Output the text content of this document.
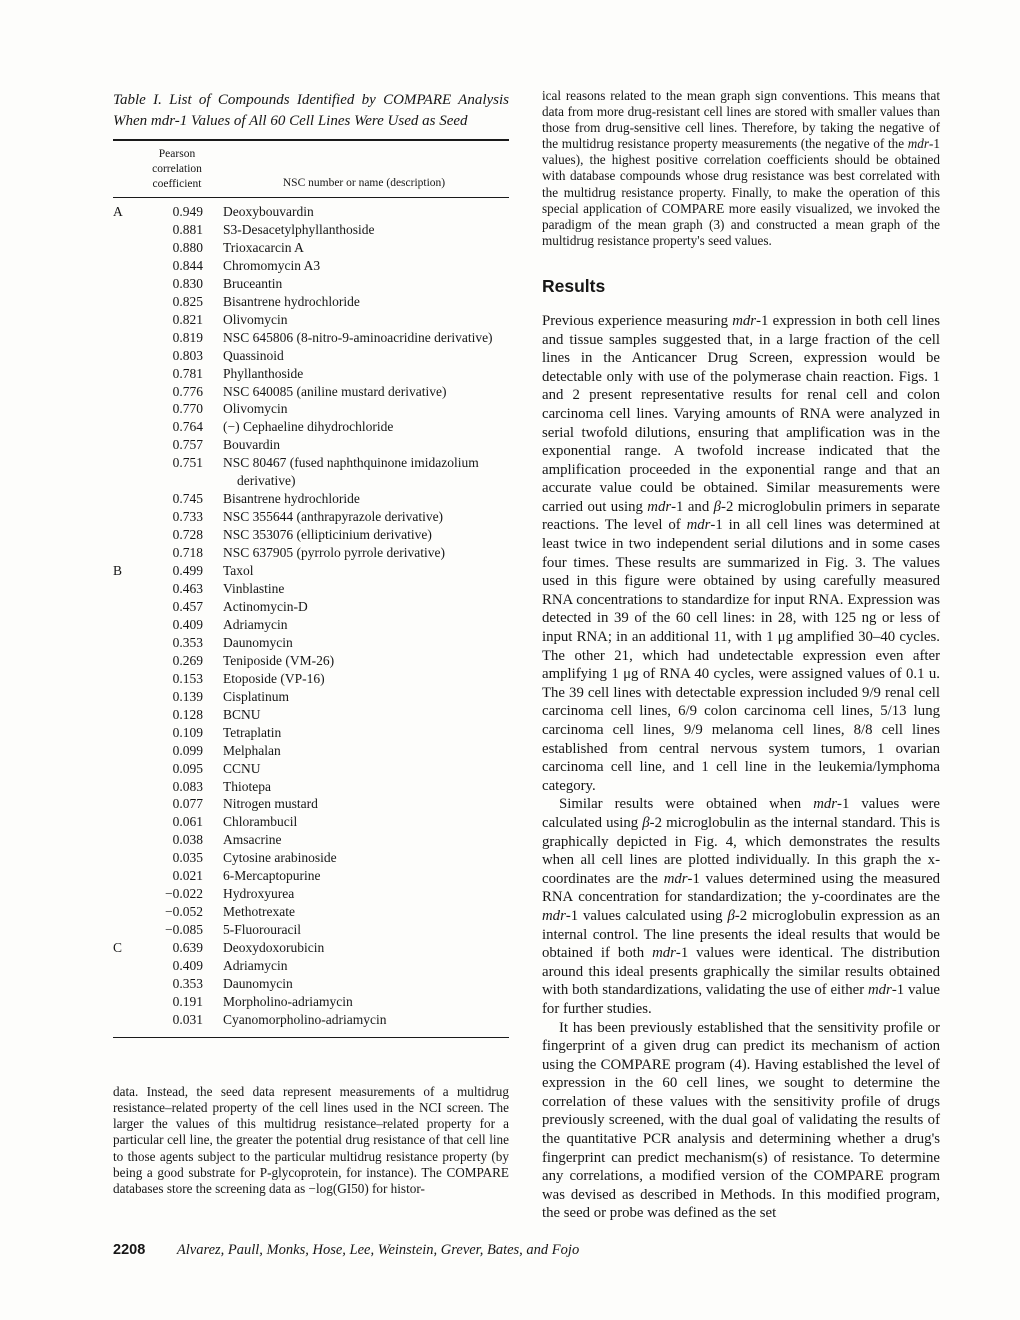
Table I. List of Compounds Identified by COMPARE Analysis When mdr-1 Values of All 60 Cell Lines Were Used as Seed

Pearson correlation coefficient	NSC number or name (description)
A	0.949 Deoxybouvardin
0.881 S3-Desacetylphyllanthoside
0.880 Trioxacarcin A
0.844 Chromomycin A3
0.830 Bruceantin
0.825 Bisantrene hydrochloride
0.821 Olivomycin
0.819 NSC 645806 (8-nitro-9-aminoacridine derivative)
0.803 Quassinoid
0.781 Phyllanthoside
0.776 NSC 640085 (aniline mustard derivative)
0.770 Olivomycin
0.764 (−) Cephaeline dihydrochloride
0.757 Bouvardin
0.751 NSC 80467 (fused naphthquinone imidazolium derivative)
0.745 Bisantrene hydrochloride
0.733 NSC 355644 (anthrapyrazole derivative)
0.728 NSC 353076 (ellipticinium derivative)
0.718 NSC 637905 (pyrrolo pyrrole derivative)
B	0.499 Taxol
0.463 Vinblastine
0.457 Actinomycin-D
0.409 Adriamycin
0.353 Daunomycin
0.269 Teniposide (VM-26)
0.153 Etoposide (VP-16)
0.139 Cisplatinum
0.128 BCNU
0.109 Tetraplatin
0.099 Melphalan
0.095 CCNU
0.083 Thiotepa
0.077 Nitrogen mustard
0.061 Chlorambucil
0.038 Amsacrine
0.035 Cytosine arabinoside
0.021 6-Mercaptopurine
−0.022 Hydroxyurea
−0.052 Methotrexate
−0.085 5-Fluorouracil
C	0.639 Deoxydoxorubicin
0.409 Adriamycin
0.353 Daunomycin
0.191 Morpholino-adriamycin
0.031 Cyanomorpholino-adriamycin

data. Instead, the seed data represent measurements of a multidrug resistance–related property of the cell lines used in the NCI screen. The larger the values of this multidrug resistance–related property for a particular cell line, the greater the potential drug resistance of that cell line to those agents subject to the particular multidrug resistance property (by being a good substrate for P-glycoprotein, for instance). The COMPARE databases store the screening data as −log(GI50) for histor-

ical reasons related to the mean graph sign conventions. This means that data from more drug-resistant cell lines are stored with smaller values than those from drug-sensitive cell lines. Therefore, by taking the negative of the multidrug resistance property measurements (the negative of the mdr-1 values), the highest positive correlation coefficients should be obtained with database compounds whose drug resistance was best correlated with the multidrug resistance property. Finally, to make the operation of this special application of COMPARE more easily visualized, we invoked the paradigm of the mean graph (3) and constructed a mean graph of the multidrug resistance property's seed values.

Results

Previous experience measuring mdr-1 expression in both cell lines and tissue samples suggested that, in a large fraction of the cell lines in the Anticancer Drug Screen, expression would be detectable only with use of the polymerase chain reaction. Figs. 1 and 2 present representative results for renal cell and colon carcinoma cell lines. Varying amounts of RNA were analyzed in serial twofold dilutions, ensuring that amplification was in the exponential range. A twofold increase indicated that the amplification proceeded in the exponential range and that an accurate value could be obtained. Similar measurements were carried out using mdr-1 and β-2 microglobulin primers in separate reactions. The level of mdr-1 in all cell lines was determined at least twice in two independent serial dilutions and in some cases four times. These results are summarized in Fig. 3. The values used in this figure were obtained by using carefully measured RNA concentrations to standardize for input RNA. Expression was detected in 39 of the 60 cell lines: in 28, with 125 ng or less of input RNA; in an additional 11, with 1 μg amplified 30–40 cycles. The other 21, which had undetectable expression even after amplifying 1 μg of RNA 40 cycles, were assigned values of 0.1 u. The 39 cell lines with detectable expression included 9/9 renal cell carcinoma cell lines, 6/9 colon carcinoma cell lines, 5/13 lung carcinoma cell lines, 9/9 melanoma cell lines, 8/8 cell lines established from central nervous system tumors, 1 ovarian carcinoma cell line, and 1 cell line in the leukemia/lymphoma category.

Similar results were obtained when mdr-1 values were calculated using β-2 microglobulin as the internal standard. This is graphically depicted in Fig. 4, which demonstrates the results when all cell lines are plotted individually. In this graph the x-coordinates are the mdr-1 values determined using the measured RNA concentration for standardization; the y-coordinates are the mdr-1 values calculated using β-2 microglobulin expression as an internal control. The line presents the ideal results that would be obtained if both mdr-1 values were identical. The distribution around this ideal presents graphically the similar results obtained with both standardizations, validating the use of either mdr-1 value for further studies.

It has been previously established that the sensitivity profile or fingerprint of a given drug can predict its mechanism of action using the COMPARE program (4). Having established the level of expression in the 60 cell lines, we sought to determine the correlation of these values with the sensitivity profile of drugs previously screened, with the dual goal of validating the results of the quantitative PCR analysis and determining whether a drug's fingerprint can predict mechanism(s) of resistance. To determine any correlations, a modified version of the COMPARE program was devised as described in Methods. In this modified program, the seed or probe was defined as the set

2208 Alvarez, Paull, Monks, Hose, Lee, Weinstein, Grever, Bates, and Fojo
